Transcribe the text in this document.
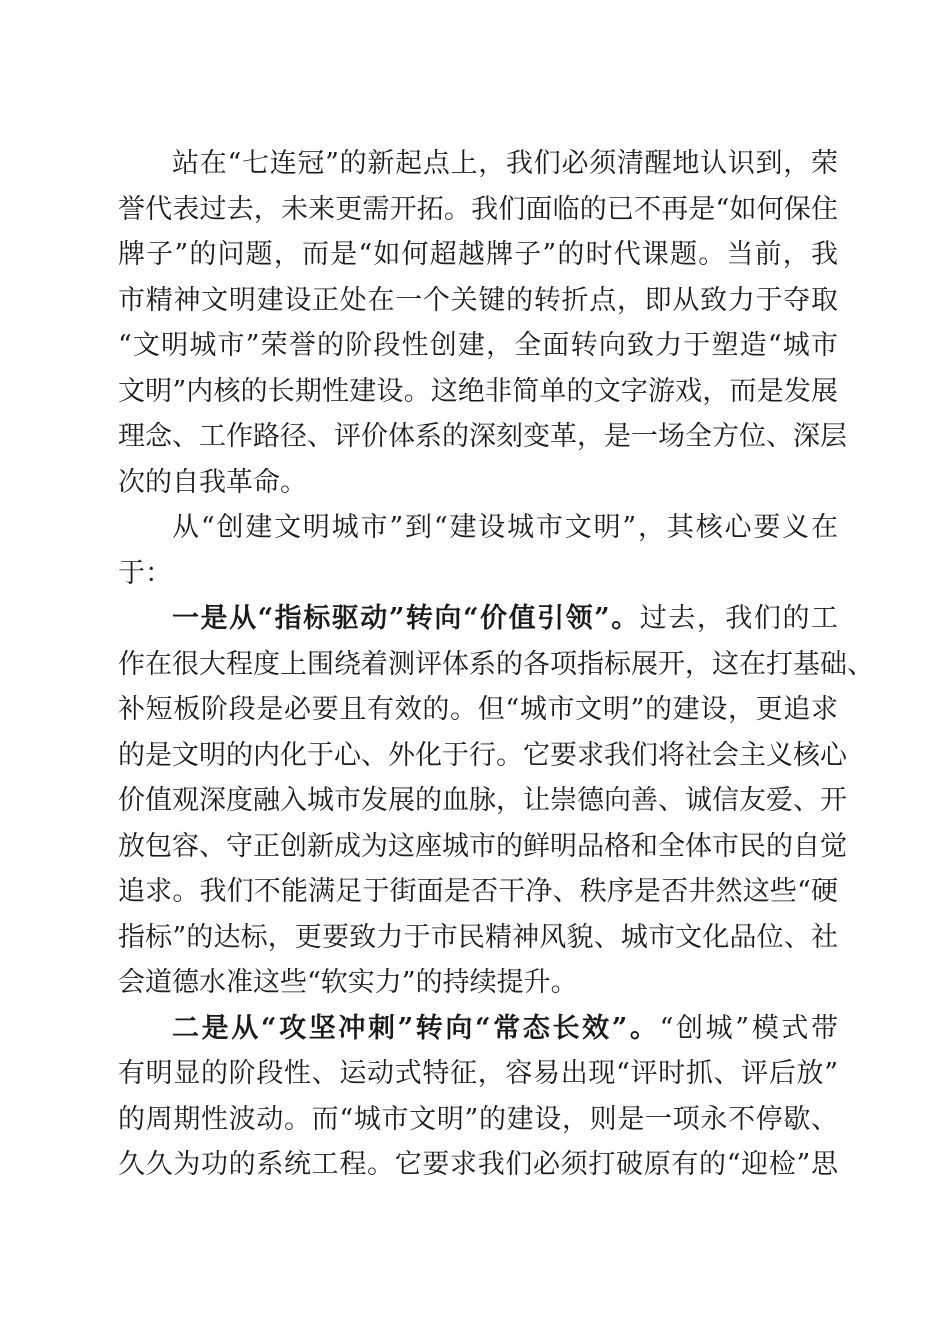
站在“七连冠”的新起点上，我们必须清醒地认识到，荣
誉代表过去，未来更需开拓。我们面临的已不再是“如何保住
牌子”的问题，而是“如何超越牌子”的时代课题。当前，我
市精神文明建设正处在一个关键的转折点，即从致力于夺取
“文明城市”荣誉的阶段性创建，全面转向致力于塑造“城市
文明”内核的长期性建设。这绝非简单的文字游戏，而是发展
理念、工作路径、评价体系的深刻变革，是一场全方位、深层
次的自我革命。
从“创建文明城市”到“建设城市文明”，其核心要义在
于：
一是从“指标驱动”转向“价值引领”。过去，我们的工
作在很大程度上围绕着测评体系的各项指标展开，这在打基础、
补短板阶段是必要且有效的。但“城市文明”的建设，更追求
的是文明的内化于心、外化于行。它要求我们将社会主义核心
价值观深度融入城市发展的血脉，让崇德向善、诚信友爱、开
放包容、守正创新成为这座城市的鲜明品格和全体市民的自觉
追求。我们不能满足于街面是否干净、秩序是否井然这些“硬
指标”的达标，更要致力于市民精神风貌、城市文化品位、社
会道德水准这些“软实力”的持续提升。
二是从“攻坚冲刺”转向“常态长效”。“创城”模式带
有明显的阶段性、运动式特征，容易出现“评时抓、评后放”
的周期性波动。而“城市文明”的建设，则是一项永不停歇、
久久为功的系统工程。它要求我们必须打破原有的“迎检”思
